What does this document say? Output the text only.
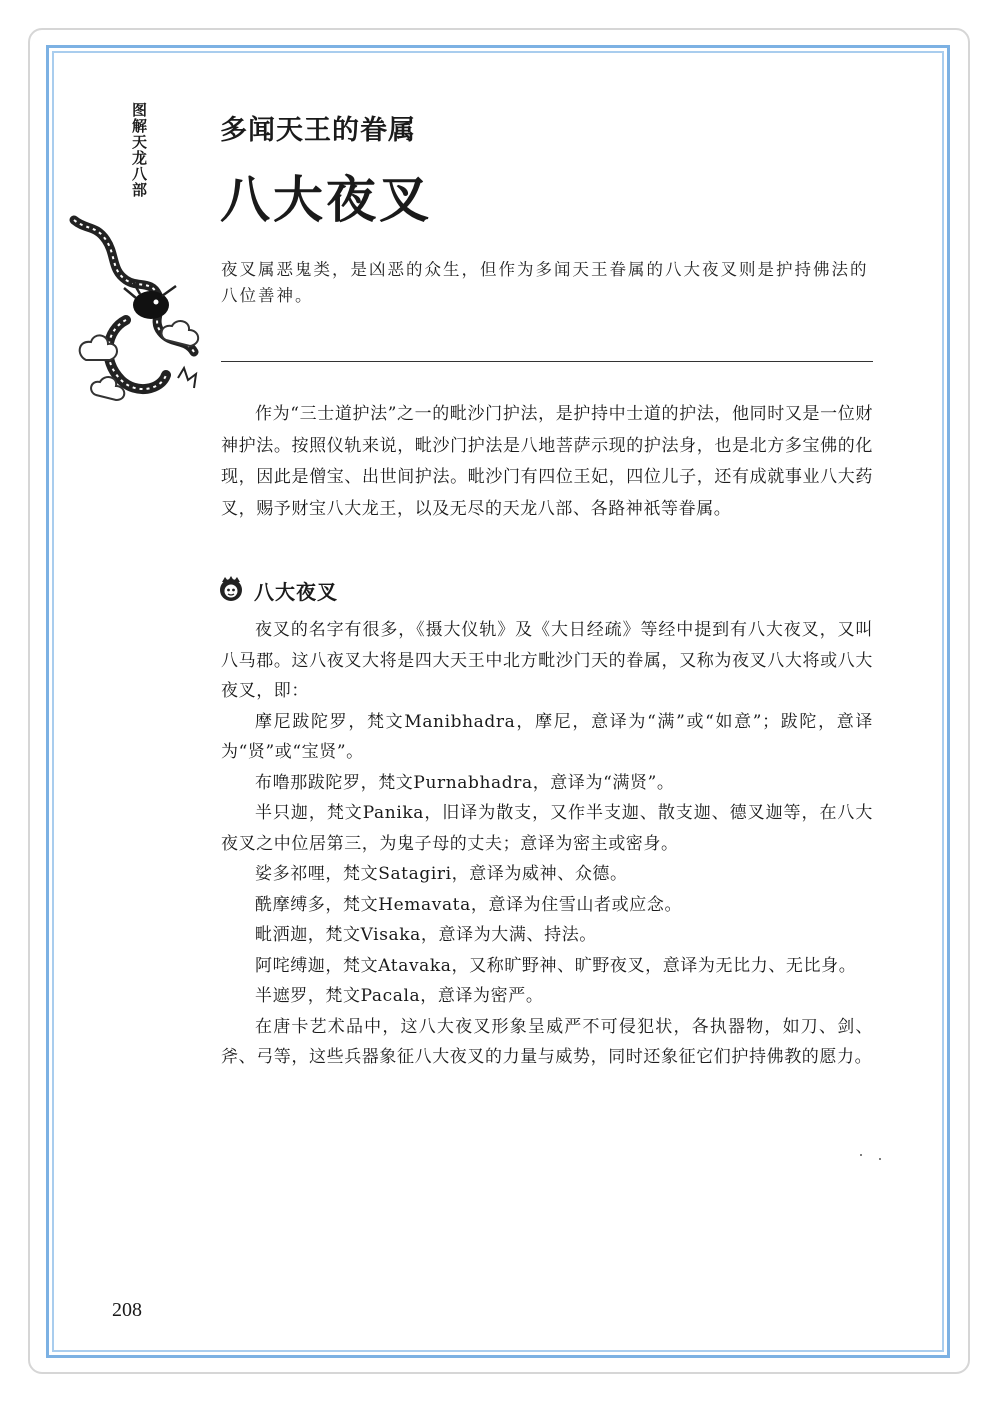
图解天龙八部	多闻天王的眷属
八大夜叉
夜叉属恶鬼类，是凶恶的众生，但作为多闻天王眷属的八大夜叉则是护持佛法的八位善神。

作为“三士道护法”之一的毗沙门护法，是护持中士道的护法，他同时又是一位财神护法。按照仪轨来说，毗沙门护法是八地菩萨示现的护法身，也是北方多宝佛的化现，因此是僧宝、出世间护法。毗沙门有四位王妃，四位儿子，还有成就事业八大药叉，赐予财宝八大龙王，以及无尽的天龙八部、各路神祇等眷属。

八大夜叉

夜叉的名字有很多，《摄大仪轨》及《大日经疏》等经中提到有八大夜叉，又叫八马郡。这八夜叉大将是四大天王中北方毗沙门天的眷属，又称为夜叉八大将或八大夜叉，即：

摩尼跋陀罗，梵文Manibhadra，摩尼，意译为“满”或“如意”；跋陀，意译为“贤”或“宝贤”。

布噜那跋陀罗，梵文Purnabhadra，意译为“满贤”。

半只迦，梵文Panika，旧译为散支，又作半支迦、散支迦、德叉迦等，在八大夜叉之中位居第三，为鬼子母的丈夫；意译为密主或密身。

娑多祁哩，梵文Satagiri，意译为威神、众德。

酰摩缚多，梵文Hemavata，意译为住雪山者或应念。

毗洒迦，梵文Visaka，意译为大满、持法。

阿咤缚迦，梵文Atavaka，又称旷野神、旷野夜叉，意译为无比力、无比身。

半遮罗，梵文Pacala，意译为密严。

在唐卡艺术品中，这八大夜叉形象呈威严不可侵犯状，各执器物，如刀、剑、斧、弓等，这些兵器象征八大夜叉的力量与威势，同时还象征它们护持佛教的愿力。

208
